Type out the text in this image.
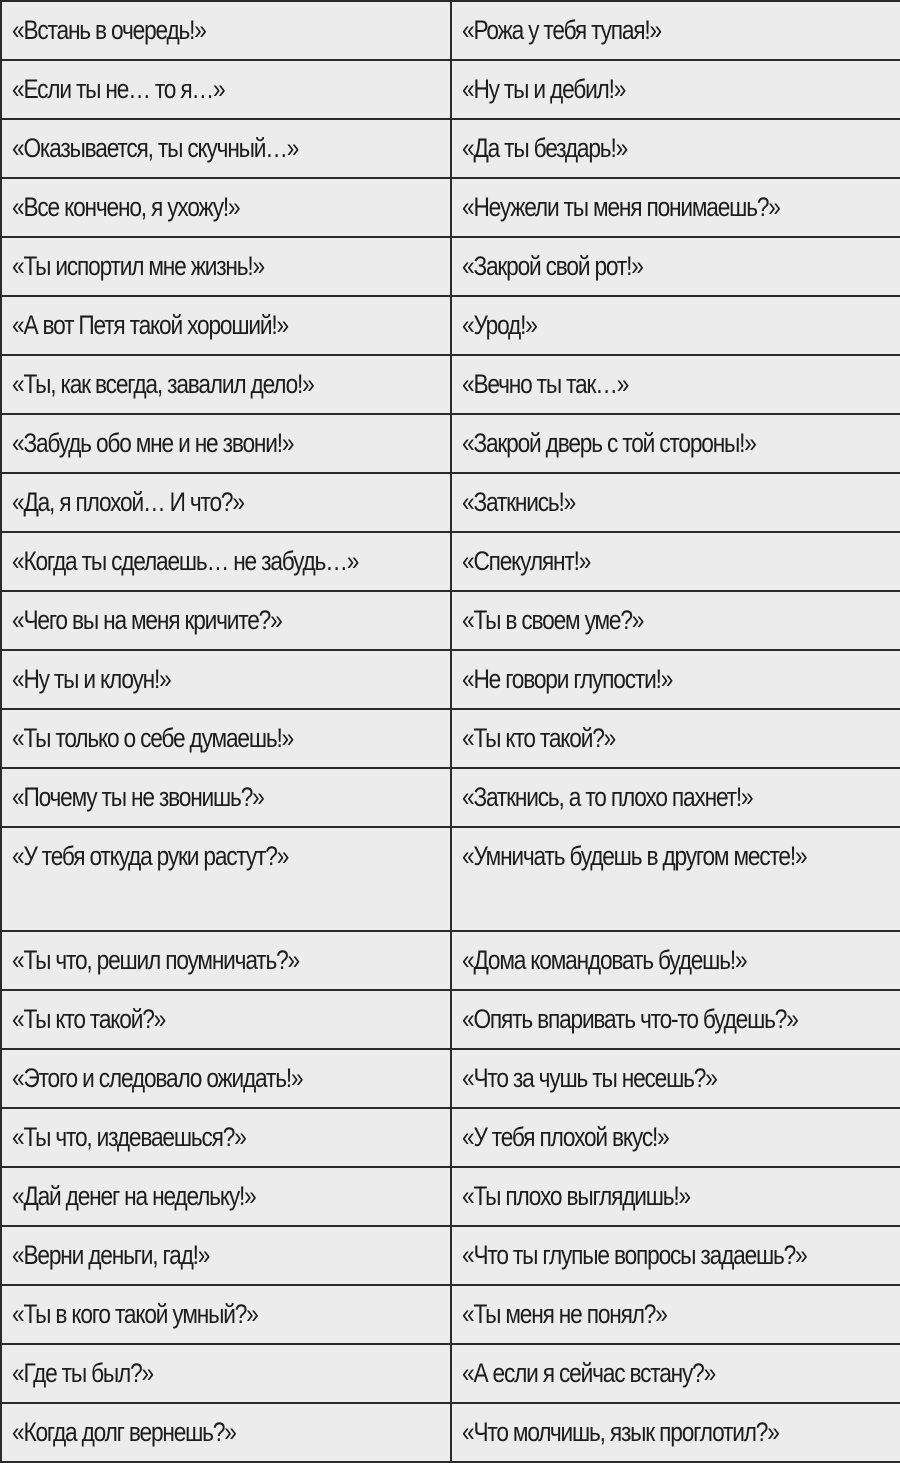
«Встань в очередь!»	«Рожа у тебя тупая!»
«Если ты не… то я…»	«Ну ты и дебил!»
«Оказывается, ты скучный…»	«Да ты бездарь!»
«Все кончено, я ухожу!»	«Неужели ты меня понимаешь?»
«Ты испортил мне жизнь!»	«Закрой свой рот!»
«А вот Петя такой хороший!»	«Урод!»
«Ты, как всегда, завалил дело!»	«Вечно ты так…»
«Забудь обо мне и не звони!»	«Закрой дверь с той стороны!»
«Да, я плохой… И что?»	«Заткнись!»
«Когда ты сделаешь… не забудь…»	«Спекулянт!»
«Чего вы на меня кричите?»	«Ты в своем уме?»
«Ну ты и клоун!»	«Не говори глупости!»
«Ты только о себе думаешь!»	«Ты кто такой?»
«Почему ты не звонишь?»	«Заткнись, а то плохо пахнет!»
«У тебя откуда руки растут?»	«Умничать будешь в другом месте!»
«Ты что, решил поумничать?»	«Дома командовать будешь!»
«Ты кто такой?»	«Опять впаривать что-то будешь?»
«Этого и следовало ожидать!»	«Что за чушь ты несешь?»
«Ты что, издеваешься?»	«У тебя плохой вкус!»
«Дай денег на недельку!»	«Ты плохо выглядишь!»
«Верни деньги, гад!»	«Что ты глупые вопросы задаешь?»
«Ты в кого такой умный?»	«Ты меня не понял?»
«Где ты был?»	«А если я сейчас встану?»
«Когда долг вернешь?»	«Что молчишь, язык проглотил?»
